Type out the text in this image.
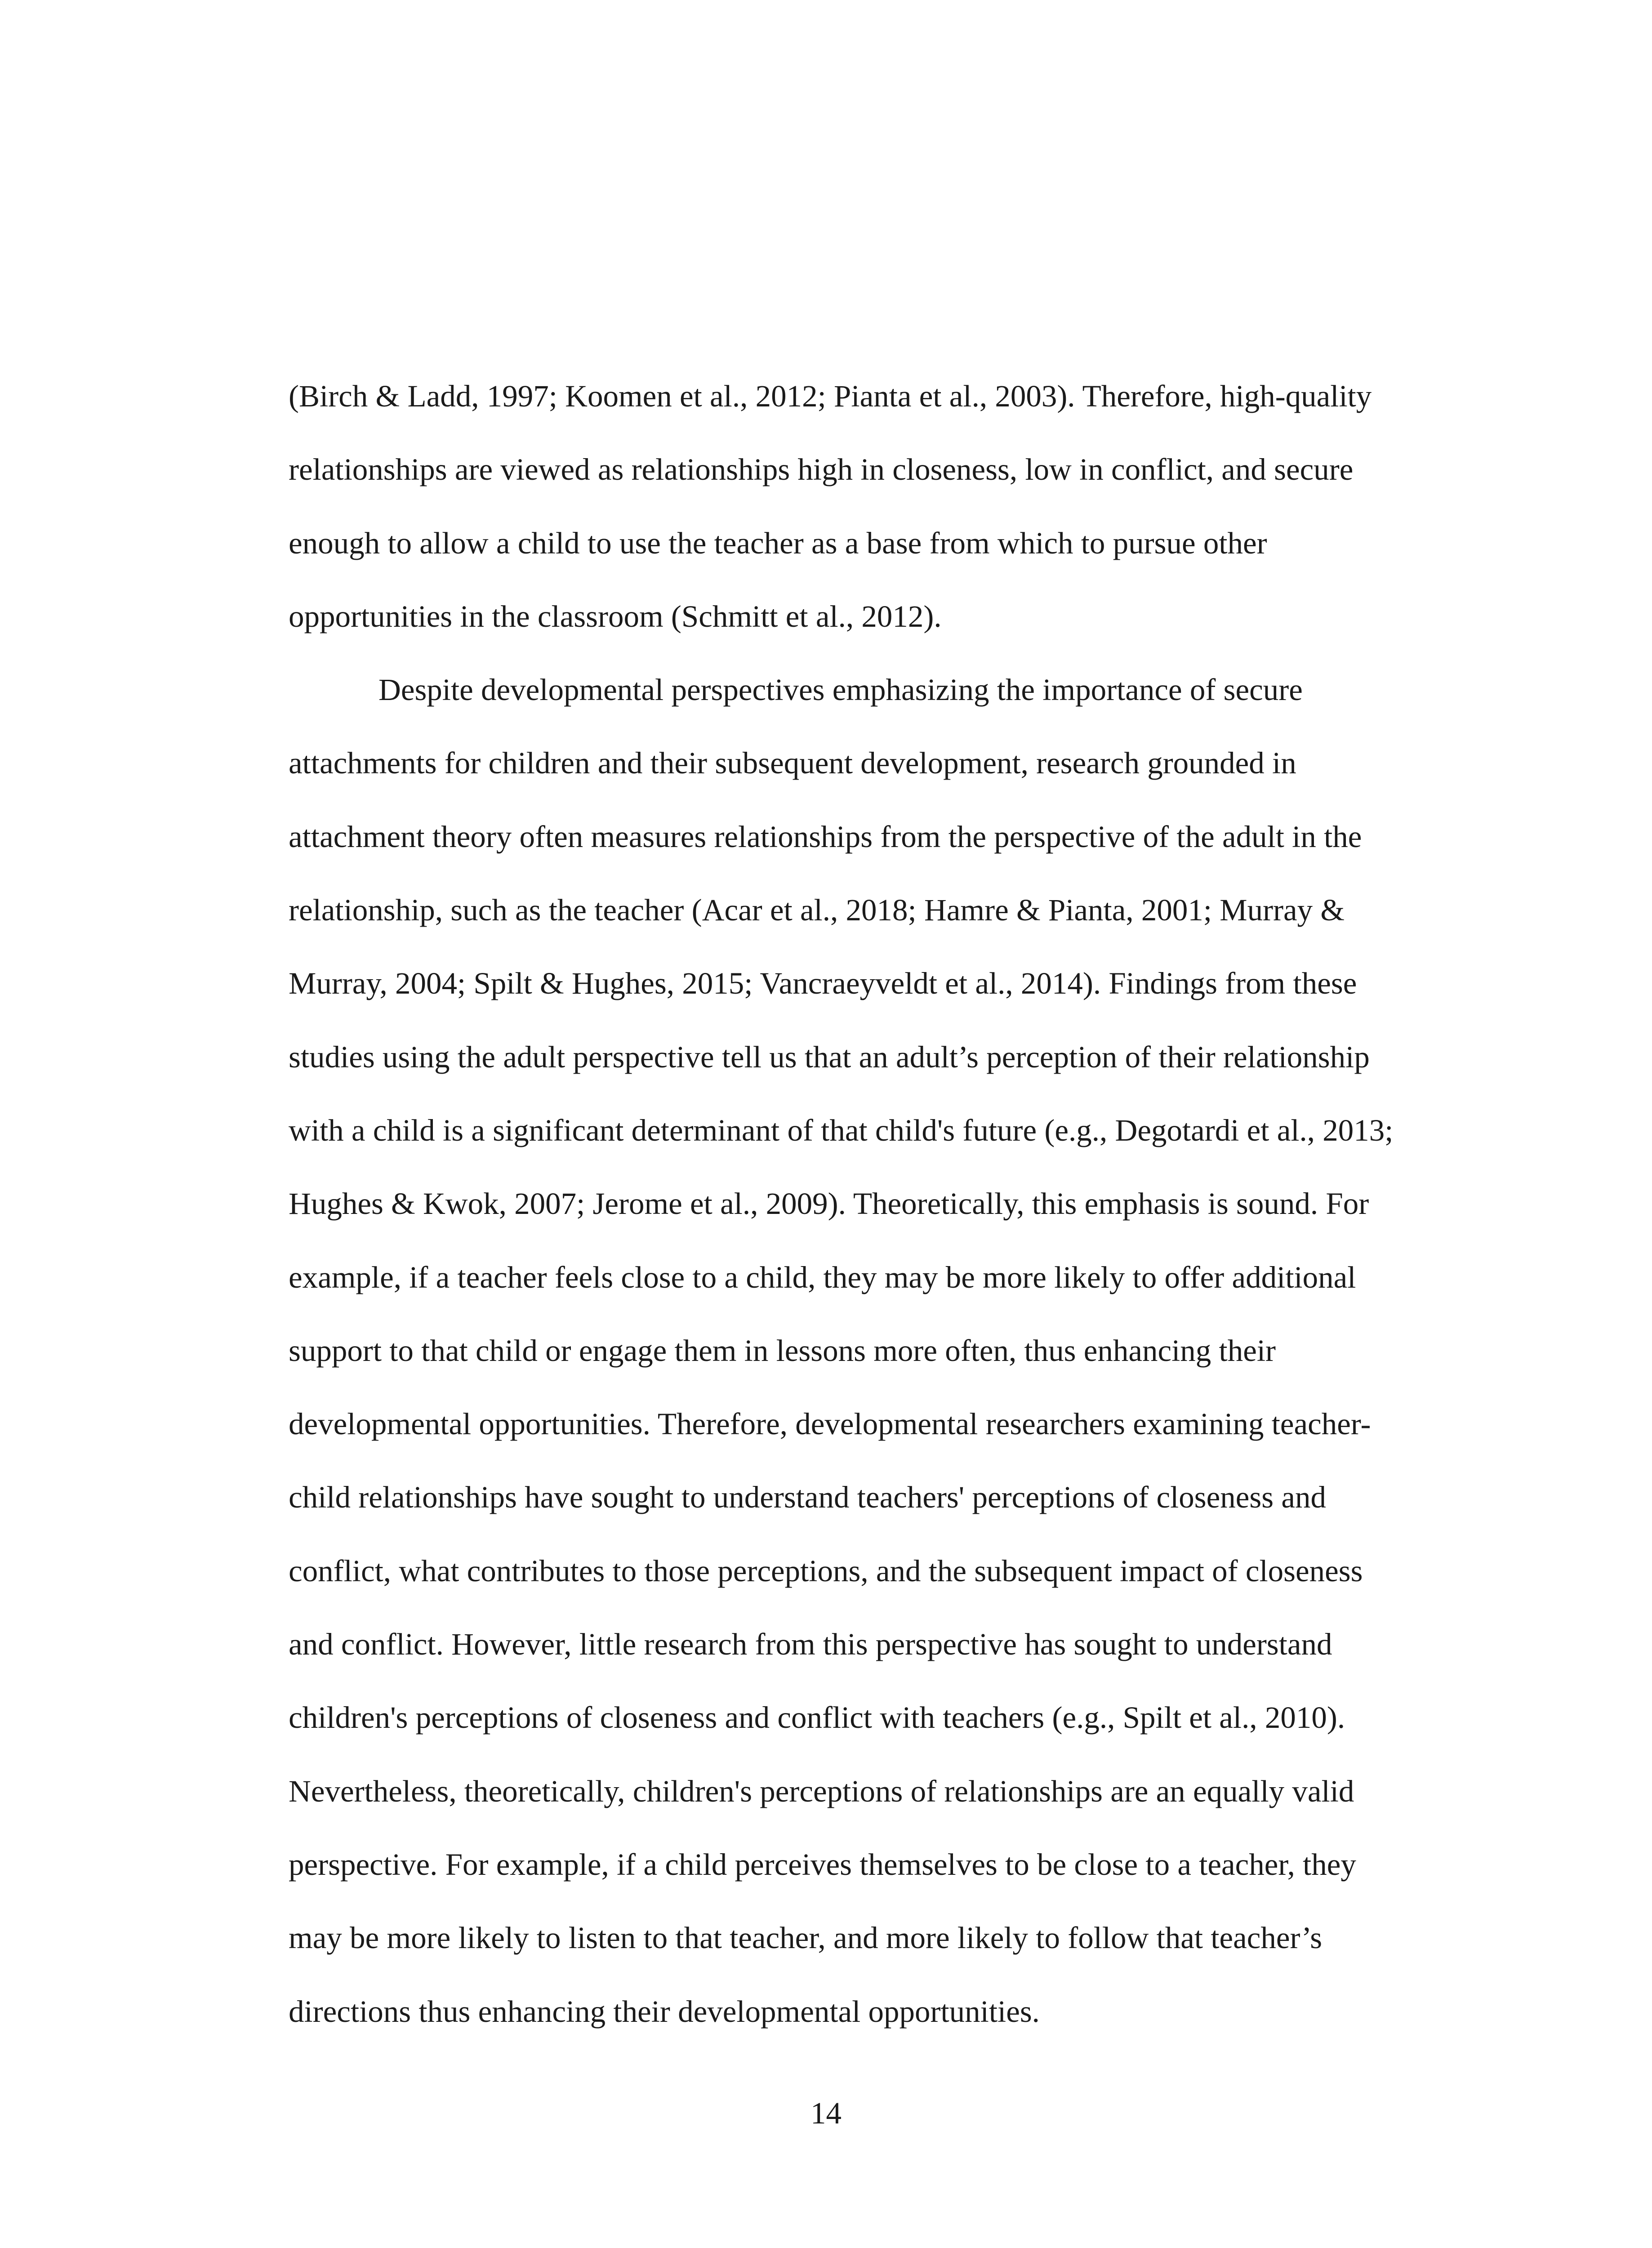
(Birch & Ladd, 1997; Koomen et al., 2012; Pianta et al., 2003). Therefore, high-quality
relationships are viewed as relationships high in closeness, low in conflict, and secure
enough to allow a child to use the teacher as a base from which to pursue other
opportunities in the classroom (Schmitt et al., 2012).
Despite developmental perspectives emphasizing the importance of secure
attachments for children and their subsequent development, research grounded in
attachment theory often measures relationships from the perspective of the adult in the
relationship, such as the teacher (Acar et al., 2018; Hamre & Pianta, 2001; Murray &
Murray, 2004; Spilt & Hughes, 2015; Vancraeyveldt et al., 2014). Findings from these
studies using the adult perspective tell us that an adult’s perception of their relationship
with a child is a significant determinant of that child's future (e.g., Degotardi et al., 2013;
Hughes & Kwok, 2007; Jerome et al., 2009). Theoretically, this emphasis is sound. For
example, if a teacher feels close to a child, they may be more likely to offer additional
support to that child or engage them in lessons more often, thus enhancing their
developmental opportunities. Therefore, developmental researchers examining teacher-
child relationships have sought to understand teachers' perceptions of closeness and
conflict, what contributes to those perceptions, and the subsequent impact of closeness
and conflict. However, little research from this perspective has sought to understand
children's perceptions of closeness and conflict with teachers (e.g., Spilt et al., 2010).
Nevertheless, theoretically, children's perceptions of relationships are an equally valid
perspective. For example, if a child perceives themselves to be close to a teacher, they
may be more likely to listen to that teacher, and more likely to follow that teacher’s
directions thus enhancing their developmental opportunities.
14
